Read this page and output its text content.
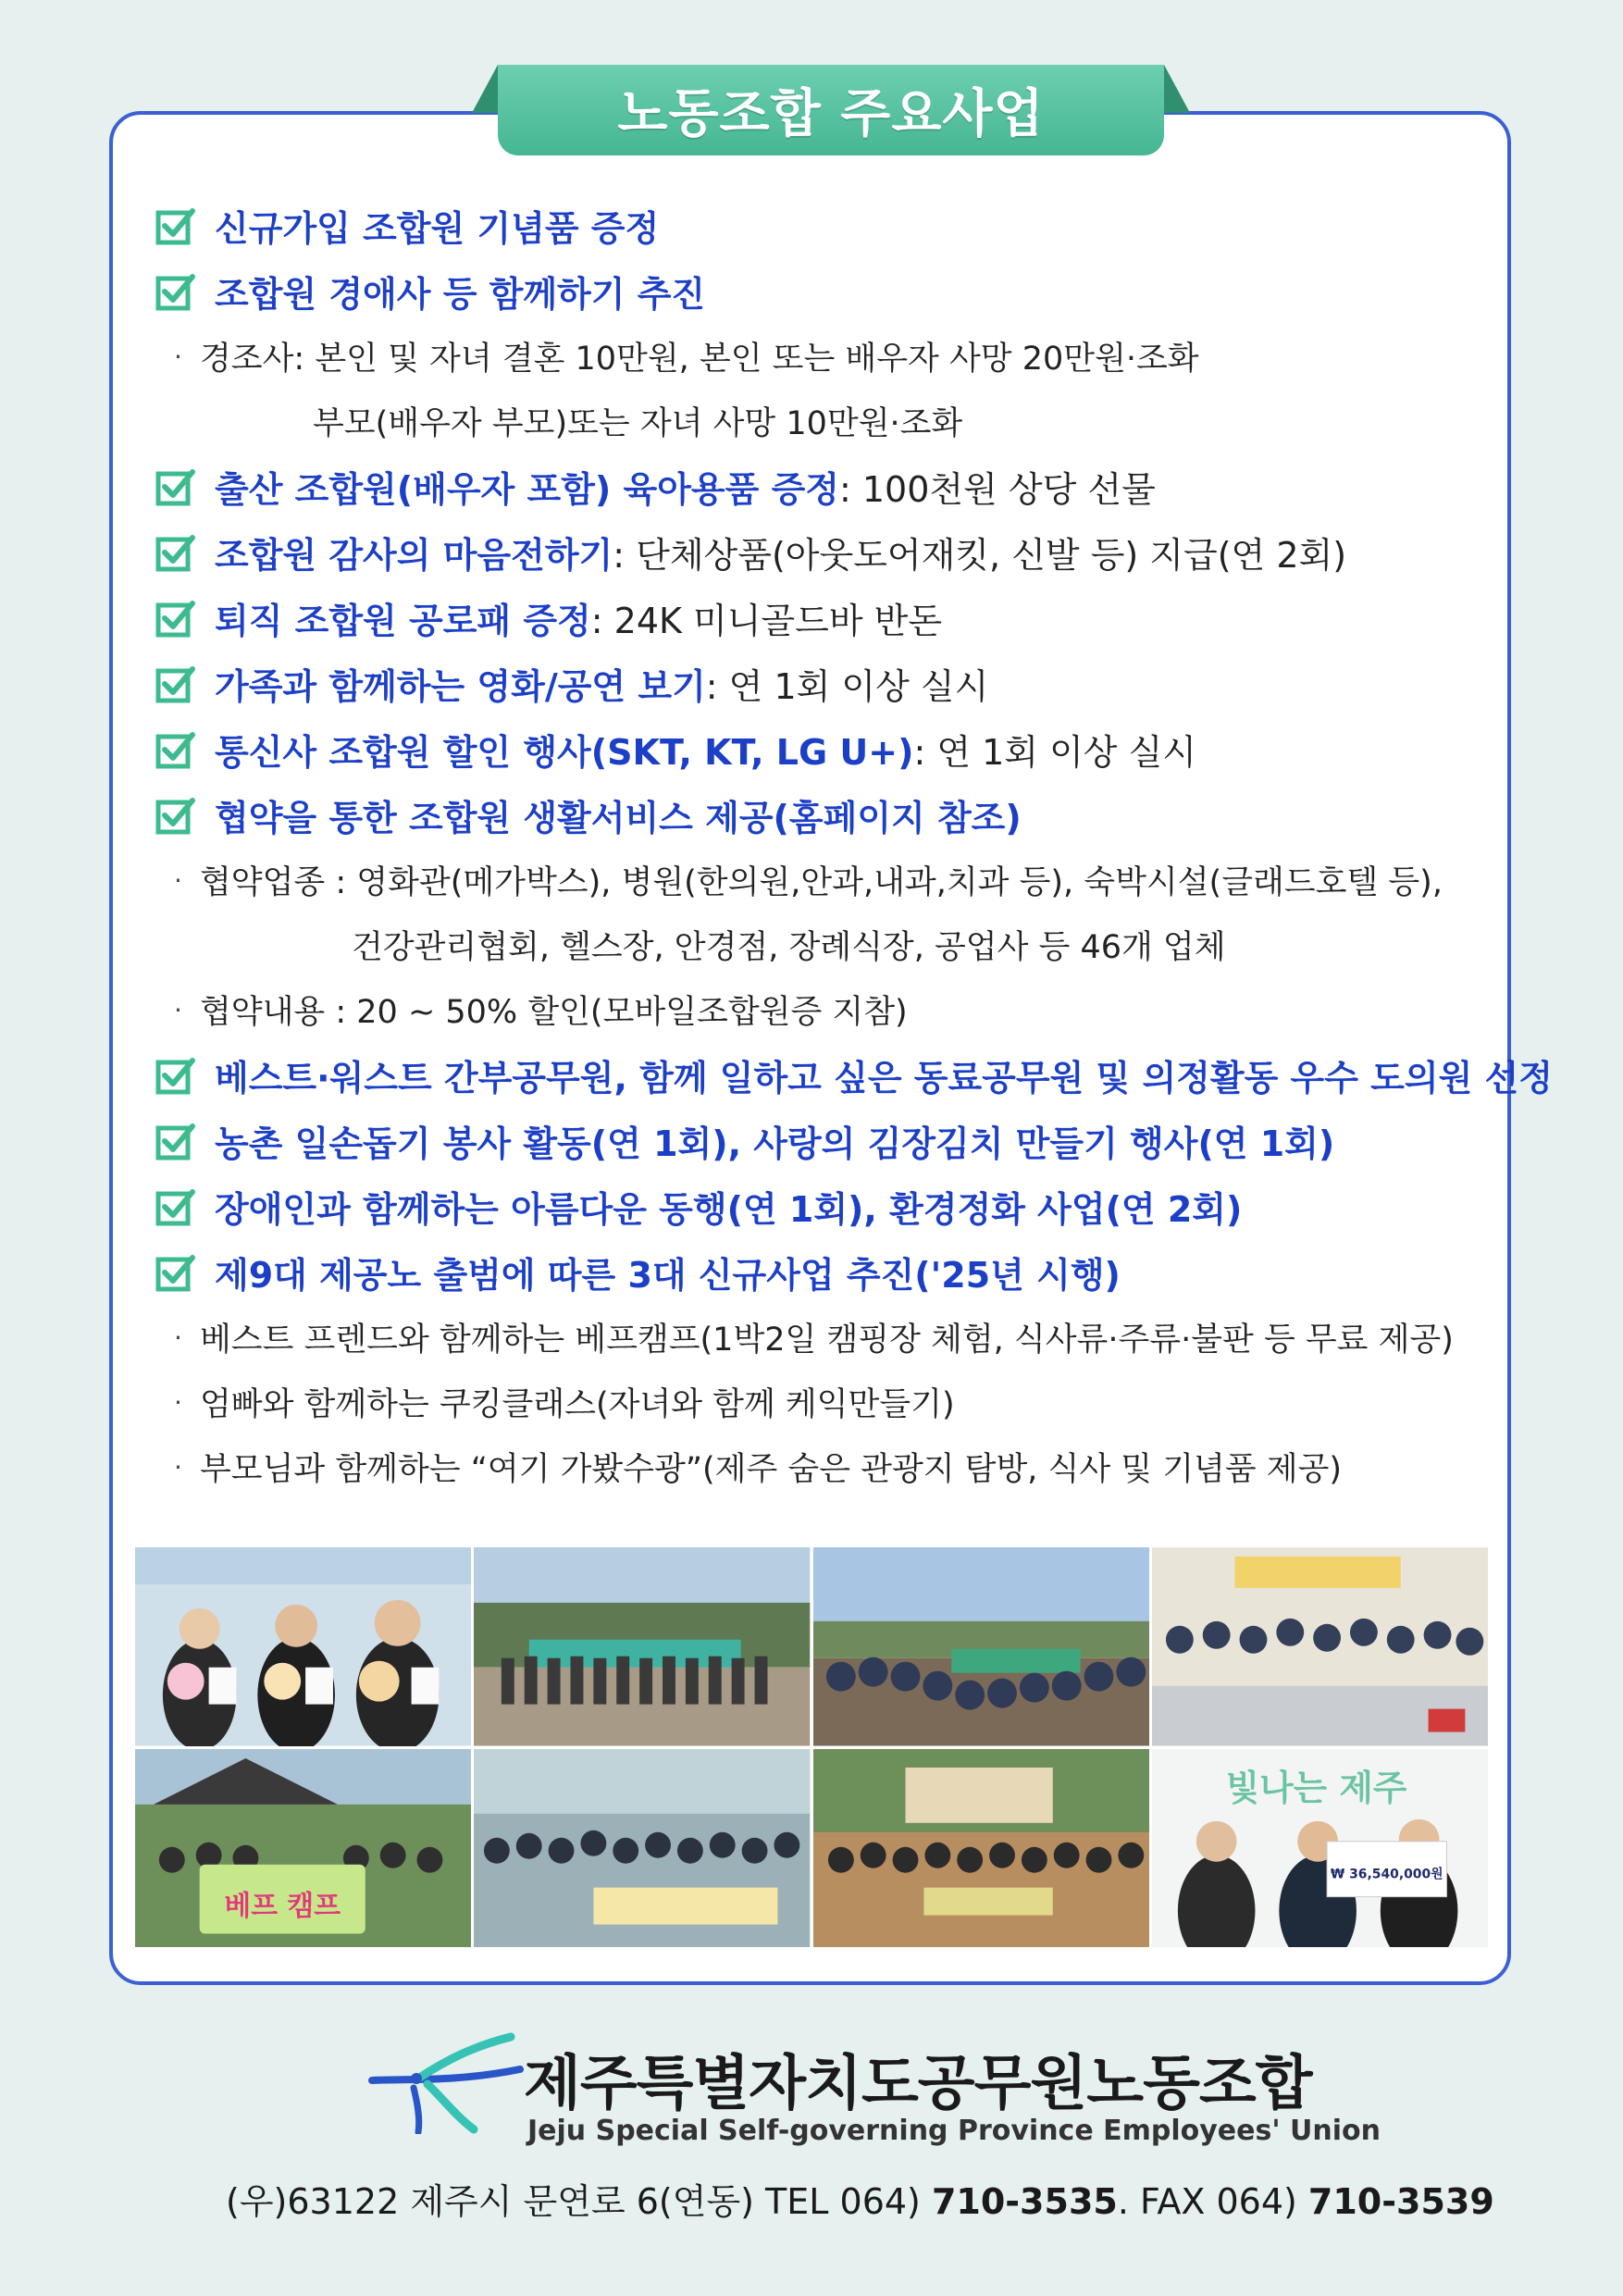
노동조합 주요사업
신규가입 조합원 기념품 증정
조합원 경애사 등 함께하기 추진
· 경조사: 본인 및 자녀 결혼 10만원, 본인 또는 배우자 사망 20만원·조화
부모(배우자 부모)또는 자녀 사망 10만원·조화
출산 조합원(배우자 포함) 육아용품 증정 : 100천원 상당 선물
조합원 감사의 마음전하기 : 단체상품(아웃도어재킷, 신발 등) 지급(연 2회)
퇴직 조합원 공로패 증정 : 24K 미니골드바 반돈
가족과 함께하는 영화/공연 보기 : 연 1회 이상 실시
통신사 조합원 할인 행사(SKT, KT, LG U+) : 연 1회 이상 실시
협약을 통한 조합원 생활서비스 제공(홈페이지 참조)
· 협약업종 : 영화관(메가박스), 병원(한의원,안과,내과,치과 등), 숙박시설(글래드호텔 등),
건강관리협회, 헬스장, 안경점, 장례식장, 공업사 등 46개 업체
· 협약내용 : 20 ~ 50% 할인(모바일조합원증 지참)
베스트·워스트 간부공무원, 함께 일하고 싶은 동료공무원 및 의정활동 우수 도의원 선정
농촌 일손돕기 봉사 활동(연 1회), 사랑의 김장김치 만들기 행사(연 1회)
장애인과 함께하는 아름다운 동행(연 1회), 환경정화 사업(연 2회)
제9대 제공노 출범에 따른 3대 신규사업 추진('25년 시행)
· 베스트 프렌드와 함께하는 베프캠프(1박2일 캠핑장 체험, 식사류·주류·불판 등 무료 제공)
· 엄빠와 함께하는 쿠킹클래스(자녀와 함께 케익만들기)
· 부모님과 함께하는 “여기 가봤수광”(제주 숨은 관광지 탐방, 식사 및 기념품 제공)
베프 캠프
빛나는 제주
₩ 36,540,000원
제주특별자치도공무원노동조합
Jeju Special Self-governing Province Employees' Union
(우)63122 제주시 문연로 6(연동) TEL 064) 710-3535. FAX 064) 710-3539
